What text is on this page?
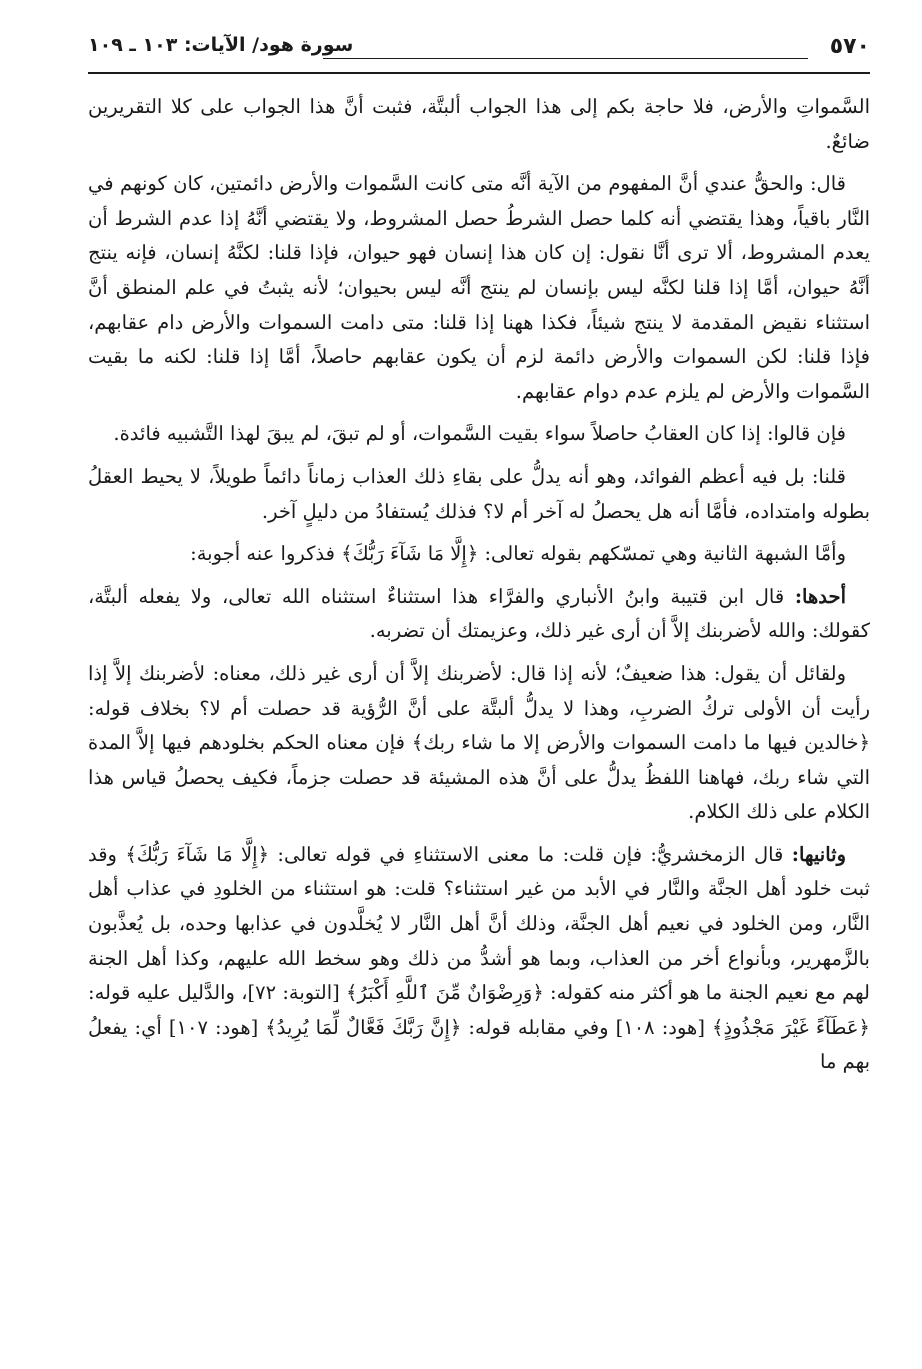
٥٧٠
سورة هود/ الآيات: ١٠٣ ـ ١٠٩

السَّمواتِ والأرض، فلا حاجة بكم إلى هذا الجواب ألبتَّة، فثبت أنَّ هذا الجواب على كلا التقريرين ضائعٌ.

قال: والحقُّ عندي أنَّ المفهوم من الآية أنَّه متى كانت السَّموات والأرض دائمتين، كان كونهم في النَّار باقياً، وهذا يقتضي أنه كلما حصل الشرطُ حصل المشروط، ولا يقتضي أنَّهُ إذا عدم الشرط أن يعدم المشروط، ألا ترى أنَّا نقول: إن كان هذا إنسان فهو حيوان، فإذا قلنا: لكنَّهُ إنسان، فإنه ينتج أنَّهُ حيوان، أمَّا إذا قلنا لكنَّه ليس بإنسان لم ينتج أنَّه ليس بحيوان؛ لأنه يثبتُ في علم المنطق أنَّ استثناء نقيض المقدمة لا ينتج شيئاً، فكذا ههنا إذا قلنا: متى دامت السموات والأرض دام عقابهم، فإذا قلنا: لكن السموات والأرض دائمة لزم أن يكون عقابهم حاصلاً، أمَّا إذا قلنا: لكنه ما بقيت السَّموات والأرض لم يلزم عدم دوام عقابهم.

فإن قالوا: إذا كان العقابُ حاصلاً سواء بقيت السَّموات، أو لم تبقَ، لم يبقَ لهذا التَّشبيه فائدة.

قلنا: بل فيه أعظم الفوائد، وهو أنه يدلُّ على بقاءِ ذلك العذاب زماناً دائماً طويلاً، لا يحيط العقلُ بطوله وامتداده، فأمَّا أنه هل يحصلُ له آخر أم لا؟ فذلك يُستفادُ من دليلٍ آخر.

وأمَّا الشبهة الثانية وهي تمسّكهم بقوله تعالى: ﴿إِلَّا مَا شَآءَ رَبُّكَ﴾ فذكروا عنه أجوبة:

أحدها: قال ابن قتيبة وابنُ الأنباري والفرَّاء هذا استثناءٌ استثناه الله تعالى، ولا يفعله ألبتَّة، كقولك: والله لأضربنك إلاَّ أن أرى غير ذلك، وعزيمتك أن تضربه.

ولقائل أن يقول: هذا ضعيفٌ؛ لأنه إذا قال: لأضربنك إلاَّ أن أرى غير ذلك، معناه: لأضربنك إلاَّ إذا رأيت أن الأولى تركُ الضربِ، وهذا لا يدلُّ ألبتَّة على أنَّ الرُّؤية قد حصلت أم لا؟ بخلاف قوله: ﴿خالدين فيها ما دامت السموات والأرض إلا ما شاء ربك﴾ فإن معناه الحكم بخلودهم فيها إلاَّ المدة التي شاء ربك، فهاهنا اللفظُ يدلُّ على أنَّ هذه المشيئة قد حصلت جزماً، فكيف يحصلُ قياس هذا الكلام على ذلك الكلام.

وثانيها: قال الزمخشريُّ: فإن قلت: ما معنى الاستثناءِ في قوله تعالى: ﴿إِلَّا مَا شَآءَ رَبُّكَ﴾ وقد ثبت خلود أهل الجنَّة والنَّار في الأبد من غير استثناء؟ قلت: هو استثناء من الخلودِ في عذاب أهل النَّار، ومن الخلود في نعيم أهل الجنَّة، وذلك أنَّ أهل النَّار لا يُخلَّدون في عذابها وحده، بل يُعذَّبون بالزَّمهرير، وبأنواع أخر من العذاب، وبما هو أشدُّ من ذلك وهو سخط الله عليهم، وكذا أهل الجنة لهم مع نعيم الجنة ما هو أكثر منه كقوله: ﴿وَرِضْوَانٌ مِّنَ ٱللَّهِ أَكْبَرُ﴾ [التوبة: ٧٢]، والدَّليل عليه قوله: ﴿عَطَآءً غَيْرَ مَجْذُوذٍ﴾ [هود: ١٠٨] وفي مقابله قوله: ﴿إِنَّ رَبَّكَ فَعَّالٌ لِّمَا يُرِيدُ﴾ [هود: ١٠٧] أي: يفعلُ بهم ما
